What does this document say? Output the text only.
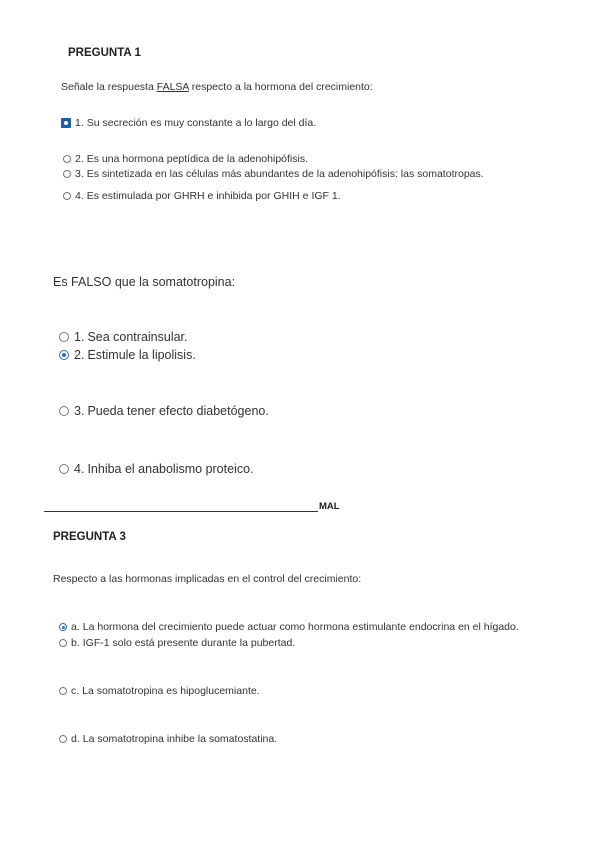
PREGUNTA 1
Señale la respuesta FALSA respecto a la hormona del crecimiento:
1. Su secreción es muy constante a lo largo del día.
2. Es una hormona peptídica de la adenohipófisis.
3. Es sintetizada en las células más abundantes de la adenohipófisis: las somatotropas.
4. Es estimulada por GHRH e inhibida por GHIH e IGF 1.
Es FALSO que la somatotropina:
1. Sea contrainsular.
2. Estimule la lipolisis.
3. Pueda tener efecto diabetógeno.
4. Inhiba el anabolismo proteico.
MAL
PREGUNTA 3
Respecto a las hormonas implicadas en el control del crecimiento:
a. La hormona del crecimiento puede actuar como hormona estimulante endocrina en el hígado.
b. IGF-1 solo está presente durante la pubertad.
c. La somatotropina es hipoglucemiante.
d. La somatotropina inhibe la somatostatina.
